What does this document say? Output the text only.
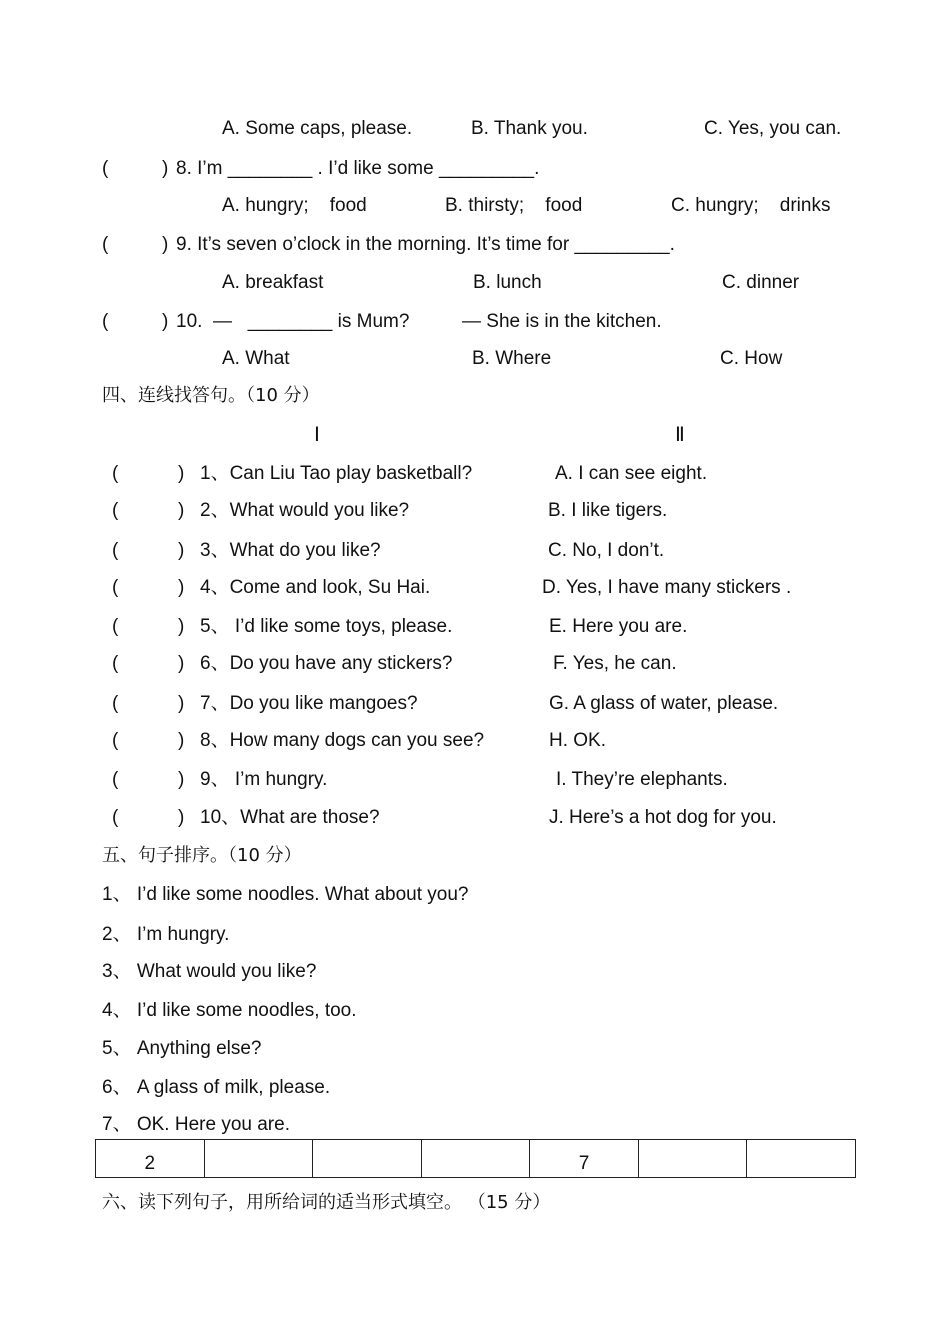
A. Some caps, please.	B. Thank you.	C. Yes, you can.
(	) 8. I’m ________ . I’d like some _________.
A. hungry;    food	B. thirsty;    food	C. hungry;    drinks
(	) 9. It’s seven o’clock in the morning. It’s time for _________.
A. breakfast	B. lunch	C. dinner
(	) 10.  —   ________ is Mum?	— She is in the kitchen.
A. What	B. Where	C. How
四、连线找答句。（10 分）
Ⅰ	Ⅱ
(	) 1、Can Liu Tao play basketball?	A. I can see eight.
(	) 2、What would you like?	B. I like tigers.
(	) 3、What do you like?	C. No, I don’t.
(	) 4、Come and look, Su Hai.	D. Yes, I have many stickers .
(	) 5、 I’d like some toys, please.	E. Here you are.
(	) 6、Do you have any stickers?	F. Yes, he can.
(	) 7、Do you like mangoes?	G. A glass of water, please.
(	) 8、How many dogs can you see?	H. OK.
(	) 9、 I’m hungry.	I. They’re elephants.
(	) 10、What are those?	J. Here’s a hot dog for you.
五、句子排序。（10 分）
1、 I’d like some noodles. What about you?
2、 I’m hungry.
3、 What would you like?
4、 I’d like some noodles, too.
5、 Anything else?
6、 A glass of milk, please.
7、 OK. Here you are.
2				7		
六、读下列句子，用所给词的适当形式填空。 （15 分）
